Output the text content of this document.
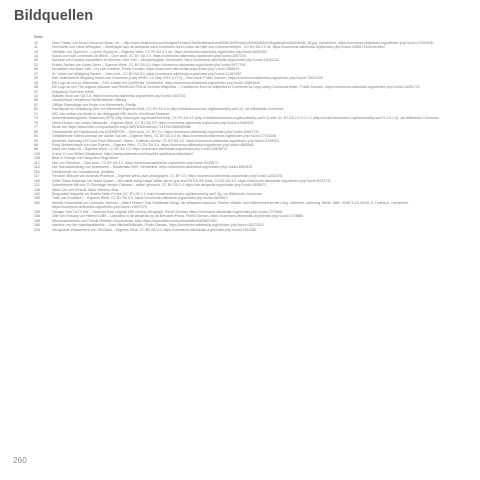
Bildquellen
Seite
12	Über Fresko von Mono-Cenacolo Muse, ca. – http://www.abatrorum.com/images/Pensky/10b0/kraftmachines/Nr50-50/Photos1/b008482/b20/8/gallery/lcut/b00/b008_08.jpg, Gemeinfrei, https://commons.wikimedia.org/w/index.php?curid=17000638
11	Feinmörtel von Hans Weingartz – Übertragen aus de.wikipedia nach Commons durch mass mit Hilfe von CommonsHelper., CC BY-SA 2.0 de, https://commons.wikimedia.org/w/index.php?curid=10561714Gemeinfrei
13	Vitrifikter von Spurtorm – Lohner Spurtorm – Eigenes Werk, CC BY-SA 3.0 de, https://commons.wikimedia.org/w/index.php?curid=8069285
14	Konus von Ivan Luxemont De Witch – Own work, CC BY-SA 3.0, https://commons.wikimedia.org/w/index.php?curid=1857184
20	Abraxas von Daniela Association of America, New York – Abrophotoglas, Gemeinfrei, https://commons.wikimedia.org/w/index.php?curid=10049231
21	Prasta Zachen von Adam Zmez – Eigenes Werk, CC BY-SA 3.0, https://commons.wikimedia.org/w/index.php?curid=5077706
26	Moosstein von Mark Saft – my own creation, Public Domain, https://commons.wikimedia.org/w/index.php?curid=7868419
27	St. Urban von Wolfgang Sauber – Own work, CC BY-SA 3.0, https://commons.wikimedia.org/w/index.php?curid=11287492
33	Karl Gellenbrecht Wegweg Hasen von Kloeckner (Lab) HEHD, LC May 2018 (LYT3) – Own work, Public Domain, https://commons.wikimedia.org/w/index.php?curid=70812405
34	DB Logo ist von co.Wikimedia – SVG erstellt mit CorelDraw, Gemeinfrei, https://commons.wikimedia.org/w/index.php?curid=10892846
36	DB Logo ist von The original uploader was RANKAUS7EB at German Wikipedia. – Transferred from de.wikipedia to Commons by Lepp using CommonsHelper., Public Domain, https://commons.wikimedia.org/w/index.php?curid=14391722
37	Hollywood Schreiber Keller
14	Wassily Stuhl von SA 3.0, https://commons.wikimedia.org/w/index.php?curid=1547161
55	Glockenhaus Heidelbrick Heidenheimer Stiftung
57	Giftlige Sammlinge von Ender von Rebenstein, Friedly
62	Flachsplatt für Gestaltung Ulm von Wentorfer Eigenes Werk, CC BY-SA 3.0 (http://creativecommons.org/licenses/by-sa/3.0), via Wikimedia Commons
71	HfG Ulm selbst und Arbeit in der Webgasse HfG-Archiv Ulm/Ulmer Museum
73	Schmetterlinksegment, Datakrost (GFR) (http://www.gek.org/resistA/fut.html), CC BY-SA 3.0 (http://creativecommons.org/licenses/by-sa/3.0) oder CC BY-SA 2.5-2.0-1.0 (http://creativecommons.org/licenses/by-sa/2.5-2.0-1.0), via Wikimedia Commons
75	Ulmer Hocker von Ursatz Wikipedia – Eigenes Werk, CC BY-SA 3.0, https://commons.wikimedia.org/w/index.php?curid=10460193
77	Mode von https://www.flickr.com/photos/jeff-eng/13697606/in/album-72157611668489486
83	Gesamtstelle der Handmodul von #GEMEFOR – Own work, CC BY 3.0, https://commons.wikimedia.org/w/index.php?curid=30667231
91	Gestaltenlöte Kleinst Amtstat von Adrian Sprudh – Eigenes Werk, CC BY-SA 3.0 at, https://commons.wikimedia.org/w/index.php?curid=27201180
93	Amalimer Sammag 1973 von Erich Stemmel / Alona – Kallenbo Archiv, CC BY-SA 3.0, https://commons.wikimedia.org/w/index.php?curid=3709924
96	Pong Spielekonsole von Ivan Rotrum – Eigenes Werk, CC BY-SA 3.0, https://commons.wikimedia.org/w/index.php?curid=4853684
98	Altair von Swtpc15 – Eigenes Werk, CC BY-SA 3.0, https://commons.wikimedia.org/w/index.php?curid=30405974
103	Crane 21 von Willem Stahlbauer, https://www.pinterest.com/lehn/fritz-stahlbauer/ekeskibe/?
106	Bear in Orange von Hang eine Regenbörle
112	Ulm von Pandrian – Own work, CC BY-SA 3.0, https://commons.wikimedia.org/w/index.php?curid=9035572
113	Ulm Bürowaldhalung von Unbekannt – Studienbau IWH, Gemeinfrei, https://commons.wikimedia.org/w/index.php?curid=4682825
116	Gebärbanne von Imoadamous, pixelbay
117	Flexobel Stiwurel von Andreas Praefcke – Eigenes Werk (own photograph), CC BY 3.0, https://commons.wikimedia.org/w/index.php?curid=11032291
118	Kettle Glass-Kataloge von Marie Space – self-made using Image Writer pencil grip and ERTHLIFE bilds, CC BY-SA 3.0, https://commons.wikimedia.org/w/index.php?curid=8247231
121	Schreibbrehe Mit ona 70 Schwinge Iterator Disbase – selber gemacht, CC BY-SA 2.0, https://de.wikipedia.org/w/index.php?curid=3535573
126	Nano Ulm von Rescat, Nano Wiedow, flickr
142	Ringmatter Kapselle vor Austrie Netto Portue (CC BY-SA 2.0 (http://creativecommons.org/licenses/by-sa/2.0)), via Wikimedia Commons
150	Trabi von Rodolfo47 – Eigenes Werk, CC BY-SA 3.0, https://commons.wikimedia.org/w/index.php?curid=3600822
152	Weisse Herrenblatt von Leonardo Wiesner – Albert Tesmer: Das Schiffbalen Bergt, die Wasserbe-bauland, Kemen: Walder und Kellereicheft an der Lüng, Bielefeld, Lieferung, Berlin 1880, KDIN 3.2/2-00161.8, Thalheim, Gemeinfrei, https://commons.wikimedia.org/w/index.php?curid=11897375
153	Tamaku Hari Töl Dl Sitz – Scanned from original 19th century lithograph, Public Domain, https://commons.wikimedia.org/w/index.php?curid=7270866
154	Zitte Der Rosung von Heinrich Zille – Uploaded to de.wikipedia by de:Benutzer:Prima, Public Domain, https://commons.wikimedia.org/w/index.php?curid=7478866
156	Nikolauseintersee von Pamuk Mittelten Graziocenas, flickr https://www.flickr.com/photos/falsn/34/6602/961
160	Interieur von der Nabeltauffabrelle – User:Nikolas/Wikilabs, Public Domain, https://commons.wikimedia.org/w/index.php?curid=18273521
216	Heusplante Wasserdeck von TenGelos – Eigenes Werk, CC BY-SA 3.0, https://commons.wikimedia.org/w/index.php?curid=1542280
260
